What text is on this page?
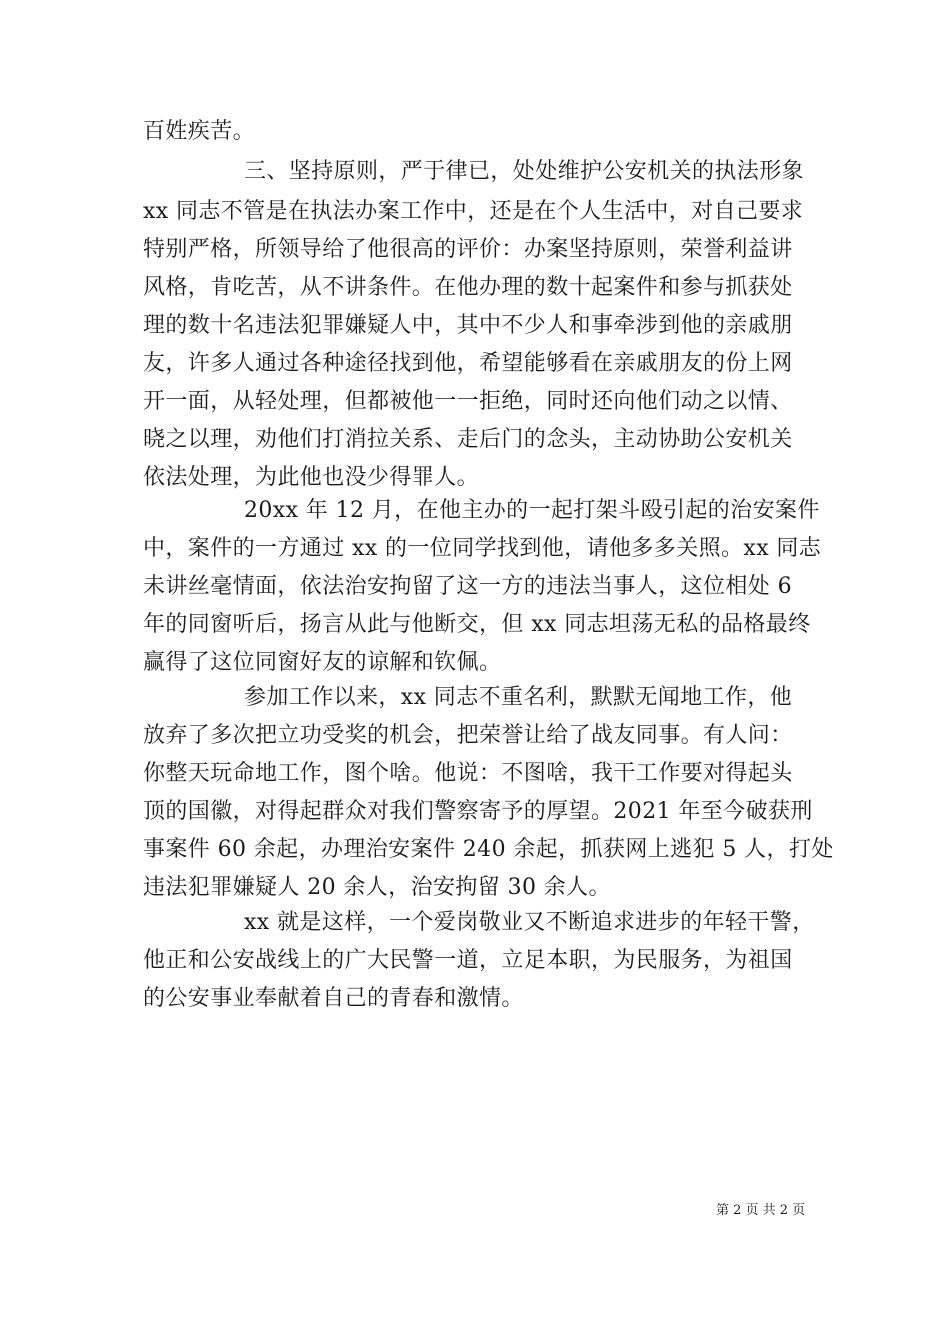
百姓疾苦。
三、坚持原则，严于律已，处处维护公安机关的执法形象
xx 同志不管是在执法办案工作中，还是在个人生活中，对自己要求
特别严格，所领导给了他很高的评价：办案坚持原则，荣誉利益讲
风格，肯吃苦，从不讲条件。在他办理的数十起案件和参与抓获处
理的数十名违法犯罪嫌疑人中，其中不少人和事牵涉到他的亲戚朋
友，许多人通过各种途径找到他，希望能够看在亲戚朋友的份上网
开一面，从轻处理，但都被他一一拒绝，同时还向他们动之以情、
晓之以理，劝他们打消拉关系、走后门的念头，主动协助公安机关
依法处理，为此他也没少得罪人。
20xx 年 12 月，在他主办的一起打架斗殴引起的治安案件
中，案件的一方通过 xx 的一位同学找到他，请他多多关照。xx 同志
未讲丝毫情面，依法治安拘留了这一方的违法当事人，这位相处 6
年的同窗听后，扬言从此与他断交，但 xx 同志坦荡无私的品格最终
赢得了这位同窗好友的谅解和钦佩。
参加工作以来，xx 同志不重名利，默默无闻地工作，他
放弃了多次把立功受奖的机会，把荣誉让给了战友同事。有人问：
你整天玩命地工作，图个啥。他说：不图啥，我干工作要对得起头
顶的国徽，对得起群众对我们警察寄予的厚望。2021 年至今破获刑
事案件 60 余起，办理治安案件 240 余起，抓获网上逃犯 5 人，打处
违法犯罪嫌疑人 20 余人，治安拘留 30 余人。
xx 就是这样，一个爱岗敬业又不断追求进步的年轻干警，
他正和公安战线上的广大民警一道，立足本职，为民服务，为祖国
的公安事业奉献着自己的青春和激情。
第 2 页 共 2 页
